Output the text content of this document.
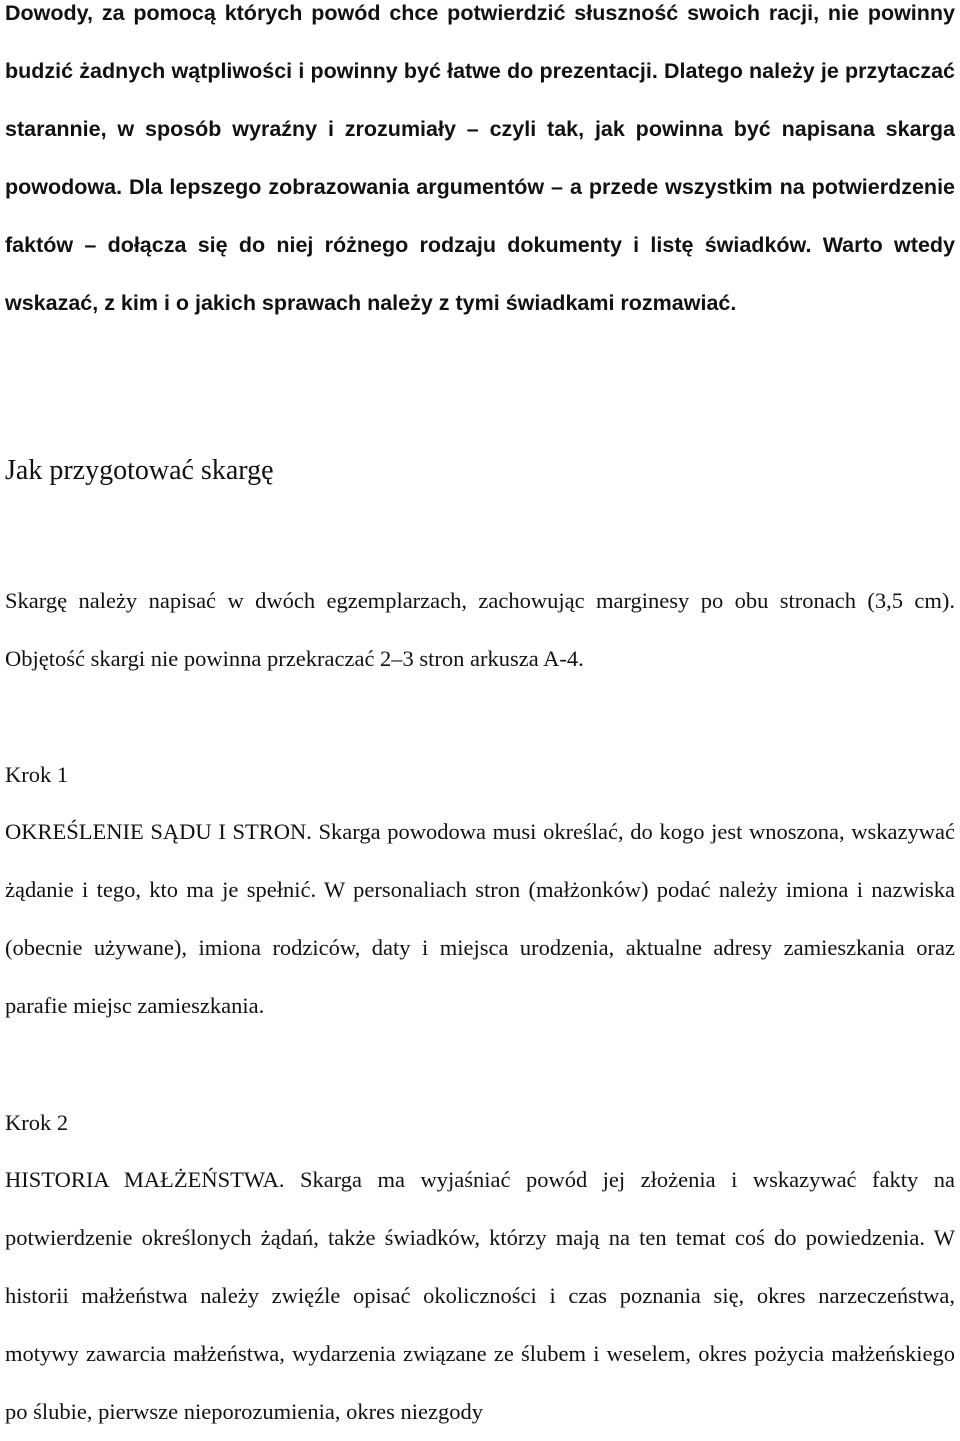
Dowody, za pomocą których powód chce potwierdzić słuszność swoich racji, nie powinny budzić żadnych wątpliwości i powinny być łatwe do prezentacji. Dlatego należy je przytaczać starannie, w sposób wyraźny i zrozumiały – czyli tak, jak powinna być napisana skarga powodowa. Dla lepszego zobrazowania argumentów – a przede wszystkim na potwierdzenie faktów – dołącza się do niej różnego rodzaju dokumenty i listę świadków. Warto wtedy wskazać, z kim i o jakich sprawach należy z tymi świadkami rozmawiać.

Jak przygotować skargę

Skargę należy napisać w dwóch egzemplarzach, zachowując marginesy po obu stronach (3,5 cm). Objętość skargi nie powinna przekraczać 2–3 stron arkusza A-4.

Krok 1

OKREŚLENIE SĄDU I STRON. Skarga powodowa musi określać, do kogo jest wnoszona, wskazywać żądanie i tego, kto ma je spełnić. W personaliach stron (małżonków) podać należy imiona i nazwiska (obecnie używane), imiona rodziców, daty i miejsca urodzenia, aktualne adresy zamieszkania oraz parafie miejsc zamieszkania.

Krok 2

HISTORIA MAŁŻEŃSTWA. Skarga ma wyjaśniać powód jej złożenia i wskazywać fakty na potwierdzenie określonych żądań, także świadków, którzy mają na ten temat coś do powiedzenia. W historii małżeństwa należy zwięźle opisać okoliczności i czas poznania się, okres narzeczeństwa, motywy zawarcia małżeństwa, wydarzenia związane ze ślubem i weselem, okres pożycia małżeńskiego po ślubie, pierwsze nieporozumienia, okres niezgody
